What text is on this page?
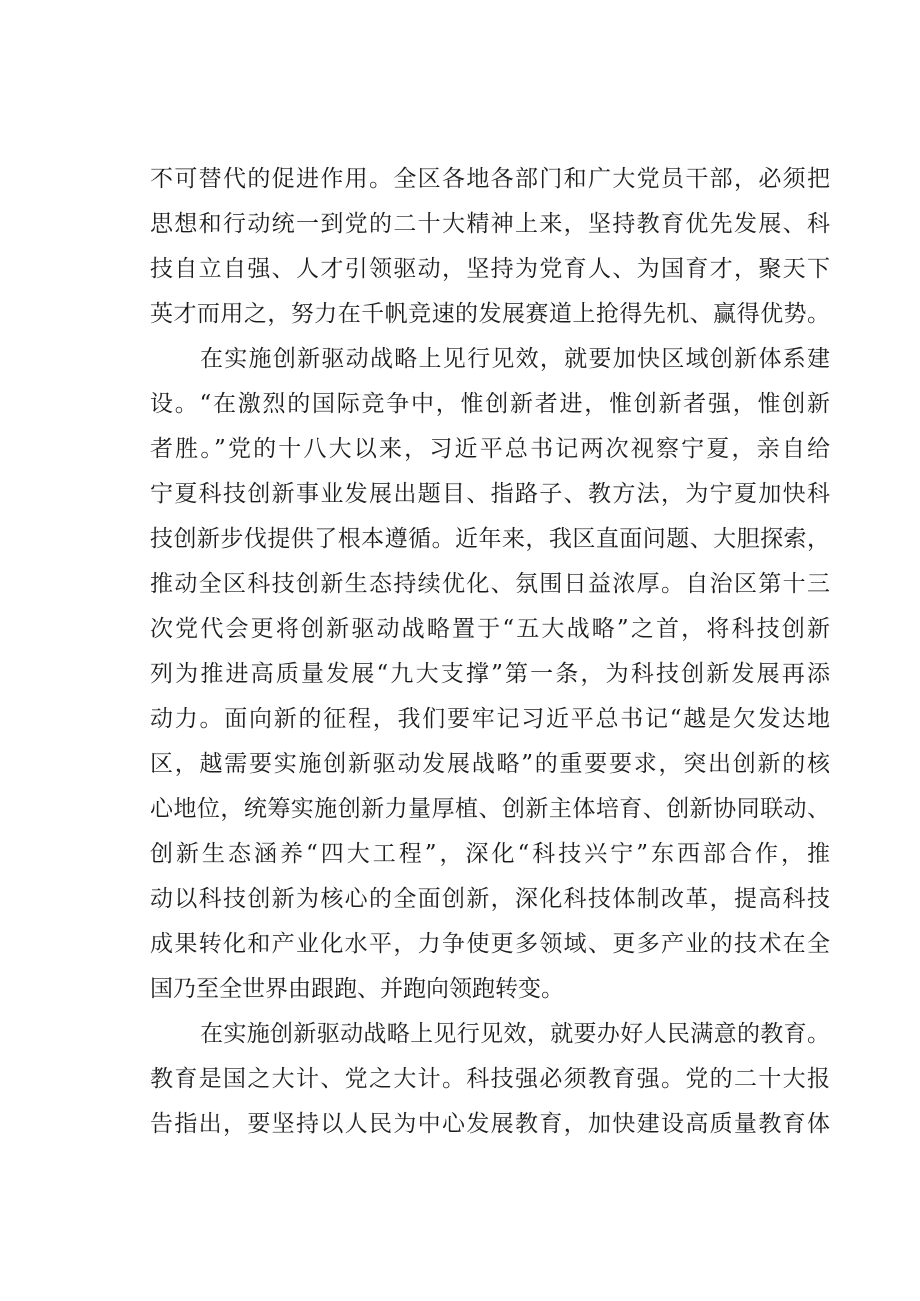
不可替代的促进作用。全区各地各部门和广大党员干部，必须把
思想和行动统一到党的二十大精神上来，坚持教育优先发展、科
技自立自强、人才引领驱动，坚持为党育人、为国育才，聚天下
英才而用之，努力在千帆竞速的发展赛道上抢得先机、赢得优势。
在实施创新驱动战略上见行见效，就要加快区域创新体系建
设。“在激烈的国际竞争中，惟创新者进，惟创新者强，惟创新
者胜。”党的十八大以来，习近平总书记两次视察宁夏，亲自给
宁夏科技创新事业发展出题目、指路子、教方法，为宁夏加快科
技创新步伐提供了根本遵循。近年来，我区直面问题、大胆探索，
推动全区科技创新生态持续优化、氛围日益浓厚。自治区第十三
次党代会更将创新驱动战略置于“五大战略”之首，将科技创新
列为推进高质量发展“九大支撑”第一条，为科技创新发展再添
动力。面向新的征程，我们要牢记习近平总书记“越是欠发达地
区，越需要实施创新驱动发展战略”的重要要求，突出创新的核
心地位，统筹实施创新力量厚植、创新主体培育、创新协同联动、
创新生态涵养“四大工程”，深化“科技兴宁”东西部合作，推
动以科技创新为核心的全面创新，深化科技体制改革，提高科技
成果转化和产业化水平，力争使更多领域、更多产业的技术在全
国乃至全世界由跟跑、并跑向领跑转变。
在实施创新驱动战略上见行见效，就要办好人民满意的教育。
教育是国之大计、党之大计。科技强必须教育强。党的二十大报
告指出，要坚持以人民为中心发展教育，加快建设高质量教育体
